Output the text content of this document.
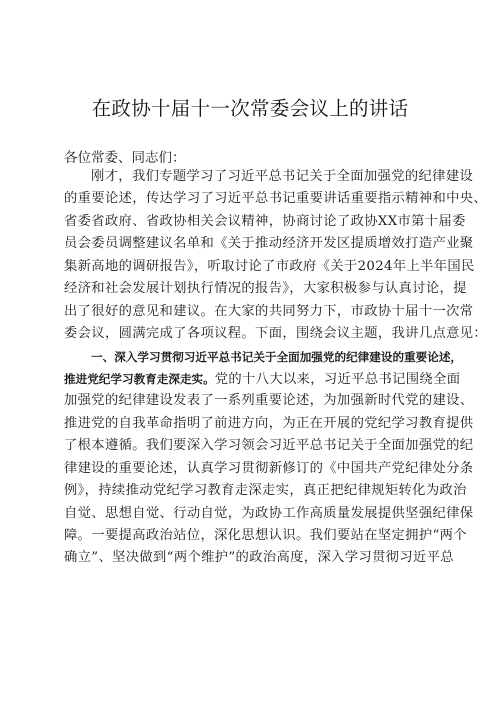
在政协十届十一次常委会议上的讲话
各位常委、同志们：
刚才，我们专题学习了习近平总书记关于全面加强党的纪律建设
的重要论述，传达学习了习近平总书记重要讲话重要指示精神和中央、
省委省政府、省政协相关会议精神，协商讨论了政协XX市第十届委
员会委员调整建议名单和《关于推动经济开发区提质增效打造产业聚
集新高地的调研报告》，听取讨论了市政府《关于2024年上半年国民
经济和社会发展计划执行情况的报告》，大家积极参与认真讨论，提
出了很好的意见和建议。在大家的共同努力下，市政协十届十一次常
委会议，圆满完成了各项议程。下面，围绕会议主题，我讲几点意见：
一、深入学习贯彻习近平总书记关于全面加强党的纪律建设的重要论述，
推进党纪学习教育走深走实。党的十八大以来，习近平总书记围绕全面
加强党的纪律建设发表了一系列重要论述，为加强新时代党的建设、
推进党的自我革命指明了前进方向，为正在开展的党纪学习教育提供
了根本遵循。我们要深入学习领会习近平总书记关于全面加强党的纪
律建设的重要论述，认真学习贯彻新修订的《中国共产党纪律处分条
例》，持续推动党纪学习教育走深走实，真正把纪律规矩转化为政治
自觉、思想自觉、行动自觉，为政协工作高质量发展提供坚强纪律保
障。一要提高政治站位，深化思想认识。我们要站在坚定拥护“两个
确立”、坚决做到“两个维护”的政治高度，深入学习贯彻习近平总
